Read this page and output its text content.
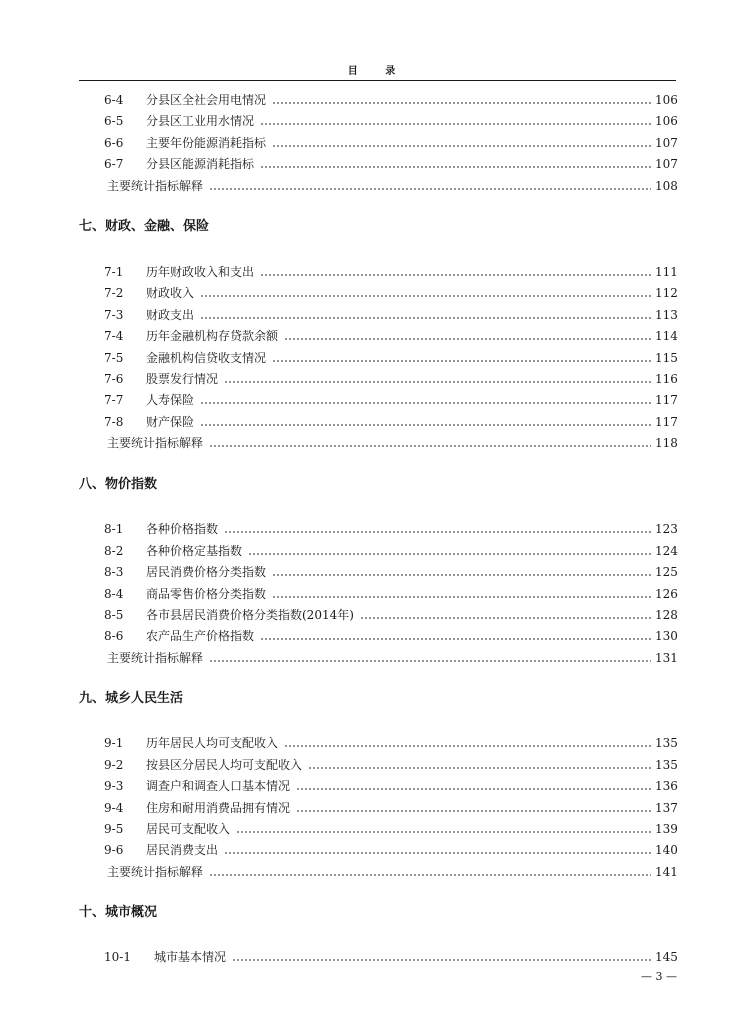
目 录
6-4	分县区全社会用电情况	106
6-5	分县区工业用水情况	106
6-6	主要年份能源消耗指标	107
6-7	分县区能源消耗指标	107
主要统计指标解释	108
七、财政、金融、保险
7-1	历年财政收入和支出	111
7-2	财政收入	112
7-3	财政支出	113
7-4	历年金融机构存贷款余额	114
7-5	金融机构信贷收支情况	115
7-6	股票发行情况	116
7-7	人寿保险	117
7-8	财产保险	117
主要统计指标解释	118
八、物价指数
8-1	各种价格指数	123
8-2	各种价格定基指数	124
8-3	居民消费价格分类指数	125
8-4	商品零售价格分类指数	126
8-5	各市县居民消费价格分类指数(2014年)	128
8-6	农产品生产价格指数	130
主要统计指标解释	131
九、城乡人民生活
9-1	历年居民人均可支配收入	135
9-2	按县区分居民人均可支配收入	135
9-3	调查户和调查人口基本情况	136
9-4	住房和耐用消费品拥有情况	137
9-5	居民可支配收入	139
9-6	居民消费支出	140
主要统计指标解释	141
十、城市概况
10-1	城市基本情况	145
— 3 —
